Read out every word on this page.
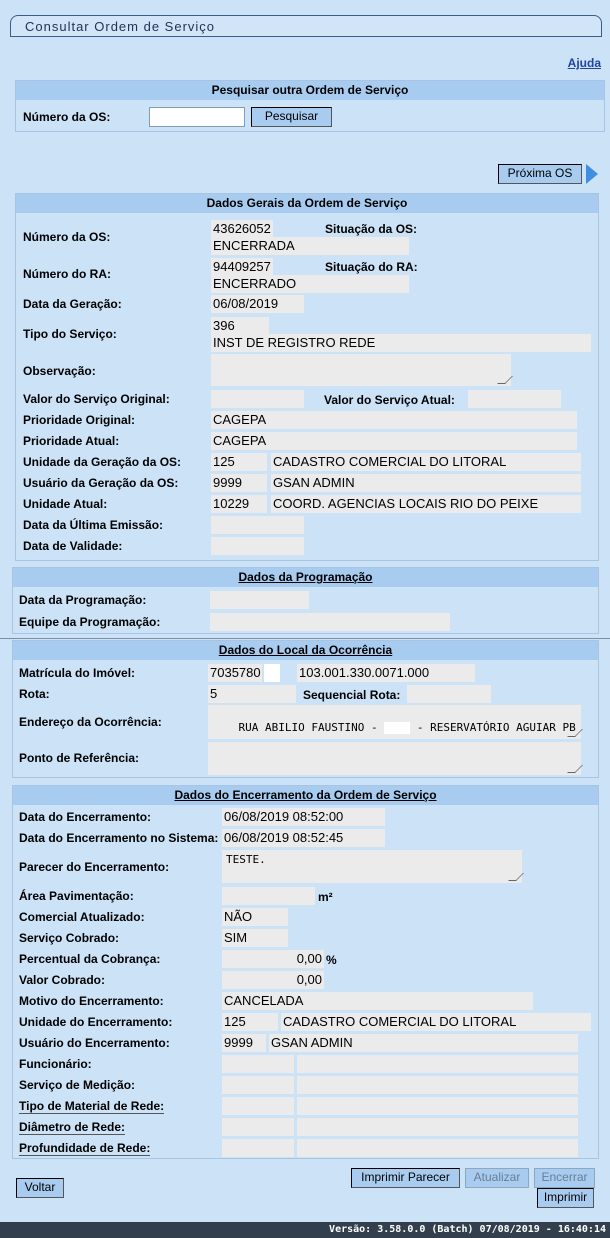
Consultar Ordem de Serviço
Ajuda
Pesquisar outra Ordem de Serviço
Número da OS:	Pesquisar
Próxima OS
Dados Gerais da Ordem de Serviço
Número da OS:
43626052	Situação da OS:
ENCERRADA
Número do RA:	94409257	Situação do RA:
ENCERRADO
Data da Geração:	06/08/2019
Tipo do Serviço:
396
INST DE REGISTRO REDE
Observação:
Valor do Serviço Original:	Valor do Serviço Atual:
Prioridade Original:	CAGEPA
Prioridade Atual:	CAGEPA
Unidade da Geração da OS: 125	CADASTRO COMERCIAL DO LITORAL
Usuário da Geração da OS:	9999	GSAN ADMIN
Unidade Atual:	10229	COORD. AGENCIAS LOCAIS RIO DO PEIXE
Data da Última Emissão:
Data de Validade:
Dados da Programação
Data da Programação:
Equipe da Programação:
Dados do Local da Ocorrência
Matrícula do Imóvel:	7035780	103.001.330.0071.000
Rota:	5	Sequencial Rota:
Endereço da Ocorrência:	RUA ABILIO FAUSTINO -	- RESERVATÓRIO AGUIAR PB

Ponto de Referência:
Dados do Encerramento da Ordem de Serviço
Data do Encerramento:	06/08/2019 08:52:00
Data do Encerramento no Sistema: 06/08/2019 08:52:45
Parecer do Encerramento:
TESTE.
Área Pavimentação:	m²
Comercial Atualizado:	NÃO
Serviço Cobrado:	SIM
Percentual da Cobrança:	0,00 %
Valor Cobrado:	0,00
Motivo do Encerramento:	CANCELADA
Unidade do Encerramento:	125	CADASTRO COMERCIAL DO LITORAL
Usuário do Encerramento:	9999	GSAN ADMIN
Funcionário:
Serviço de Medição:
Tipo de Material de Rede:
Diâmetro de Rede:
Profundidade de Rede:
Voltar
Imprimir Parecer	Atualizar	Encerrar
Imprimir
Versão: 3.58.0.0 (Batch) 07/08/2019 - 16:40:14
